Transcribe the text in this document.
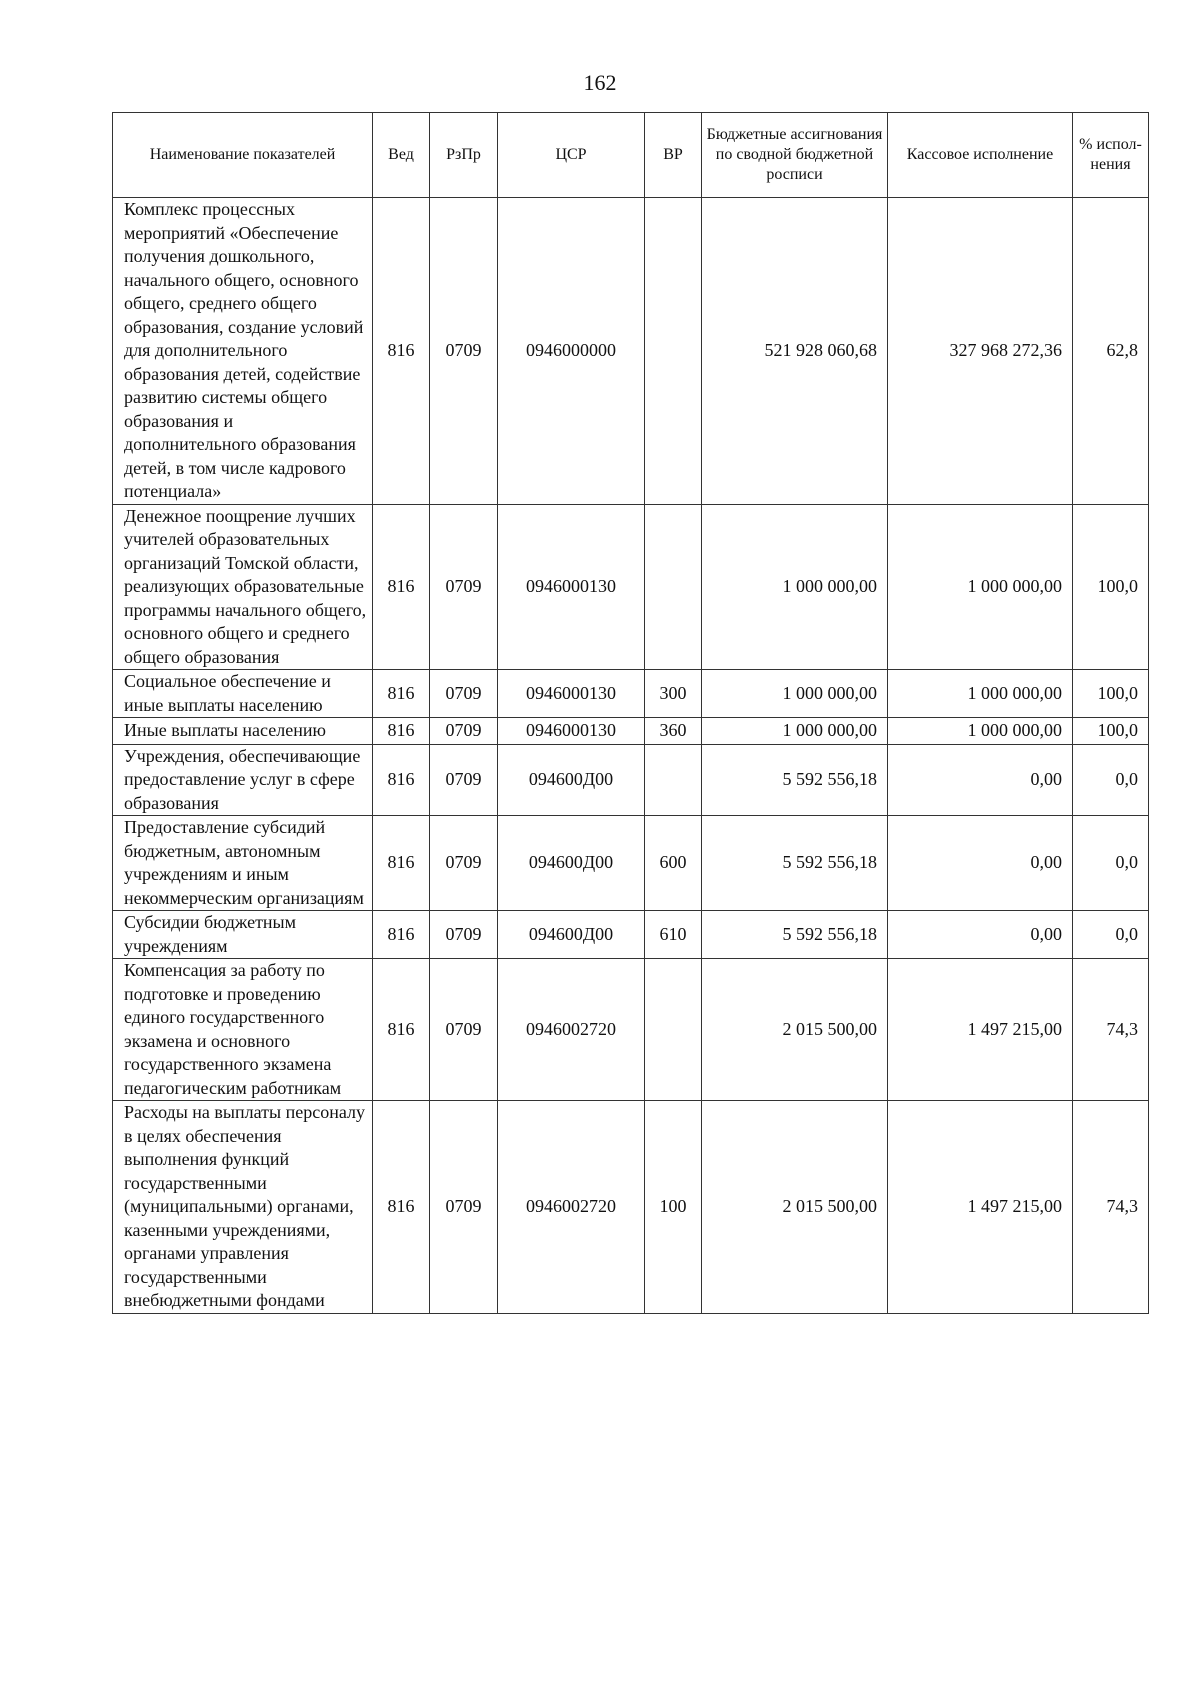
162
Наименование показателей	Вед	РзПр	ЦСР	ВР	Бюджетные ассигнования по сводной бюджетной росписи	Кассовое исполнение	% испол-нения
Комплекс процессных мероприятий «Обеспечение получения дошкольного, начального общего, основного общего, среднего общего образования, создание условий для дополнительного образования детей, содействие развитию системы общего образования и дополнительного образования детей, в том числе кадрового потенциала»	816	0709	0946000000		521 928 060,68	327 968 272,36	62,8
Денежное поощрение лучших учителей образовательных организаций Томской области, реализующих образовательные программы начального общего, основного общего и среднего общего образования	816	0709	0946000130		1 000 000,00	1 000 000,00	100,0
Социальное обеспечение и иные выплаты населению	816	0709	0946000130	300	1 000 000,00	1 000 000,00	100,0
Иные выплаты населению	816	0709	0946000130	360	1 000 000,00	1 000 000,00	100,0
Учреждения, обеспечивающие предоставление услуг в сфере образования	816	0709	094600Д00		5 592 556,18	0,00	0,0
Предоставление субсидий бюджетным, автономным учреждениям и иным некоммерческим организациям	816	0709	094600Д00	600	5 592 556,18	0,00	0,0
Субсидии бюджетным учреждениям	816	0709	094600Д00	610	5 592 556,18	0,00	0,0
Компенсация за работу по подготовке и проведению единого государственного экзамена и основного государственного экзамена педагогическим работникам	816	0709	0946002720		2 015 500,00	1 497 215,00	74,3
Расходы на выплаты персоналу в целях обеспечения выполнения функций государственными (муниципальными) органами, казенными учреждениями, органами управления государственными внебюджетными фондами	816	0709	0946002720	100	2 015 500,00	1 497 215,00	74,3
